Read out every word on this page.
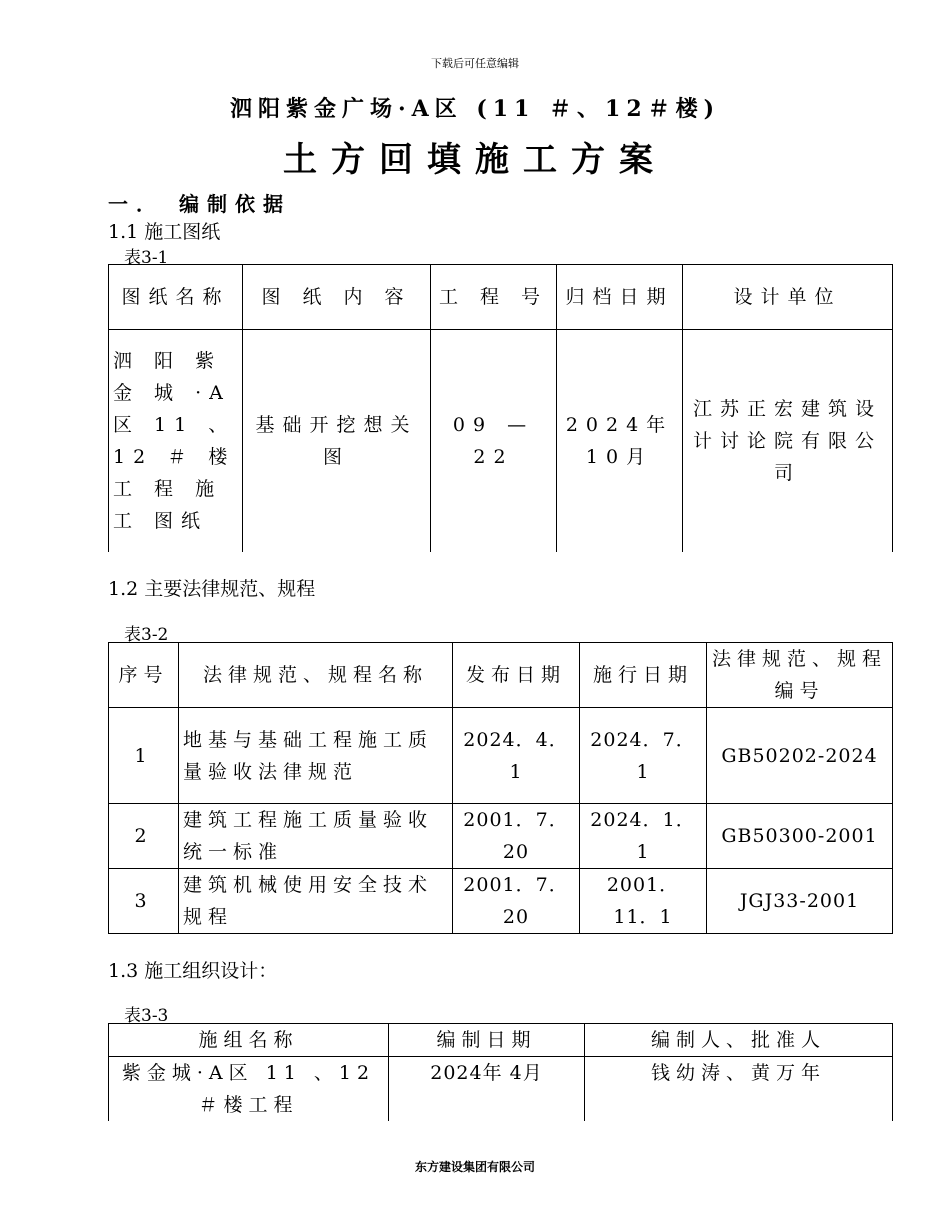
下载后可任意编辑
泗阳紫金广场·A区 (11 ＃、12＃楼)
土方回填施工方案
一． 编制依据
1.1 施工图纸
表3-1
图纸名称	图 纸 内 容	工 程 号	归档日期	设计单位
泗 阳 紫 金 城 ·A 区 11 、 12 ＃ 楼 工 程 施 工 图纸	基础开挖想关图	09 — 22	2024年 10月	江苏正宏建筑设计讨论院有限公司
1.2 主要法律规范、规程
表3-2
序号	法律规范、规程名称	发布日期	施行日期	法律规范、规程编号
1	地基与基础工程施工质量验收法律规范	2024．4．1	2024．7．1	GB50202-2024
2	建筑工程施工质量验收统一标准	2001．7．20	2024．1．1	GB50300-2001
3	建筑机械使用安全技术规程	2001．7．20	2001．11．1	JGJ33-2001
1.3 施工组织设计：
表3-3
施组名称	编制日期	编制人、批准人
紫金城·A区 11 、12 ＃楼工程	2024年 4月	钱幼涛、黄万年
东方建设集团有限公司
